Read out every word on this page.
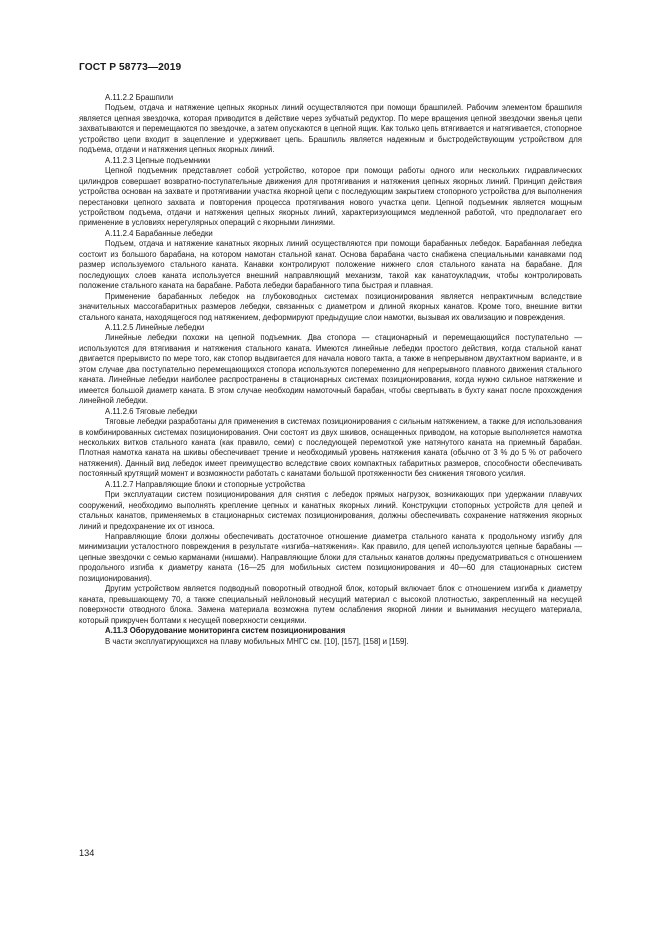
ГОСТ Р 58773—2019

А.11.2.2 Брашпили

Подъем, отдача и натяжение цепных якорных линий осуществляются при помощи брашпилей. Рабочим элементом брашпиля является цепная звездочка, которая приводится в действие через зубчатый редуктор. По мере вращения цепной звездочки звенья цепи захватываются и перемещаются по звездочке, а затем опускаются в цепной ящик. Как только цепь втягивается и натягивается, стопорное устройство цепи входит в зацепление и удерживает цепь. Брашпиль является надежным и быстродействующим устройством для подъема, отдачи и натяжения цепных якорных линий.

А.11.2.3 Цепные подъемники

Цепной подъемник представляет собой устройство, которое при помощи работы одного или нескольких гидравлических цилиндров совершает возвратно-поступательные движения для протягивания и натяжения цепных якорных линий. Принцип действия устройства основан на захвате и протягивании участка якорной цепи с последующим закрытием стопорного устройства для выполнения перестановки цепного захвата и повторения процесса протягивания нового участка цепи. Цепной подъемник является мощным устройством подъема, отдачи и натяжения цепных якорных линий, характеризующимся медленной работой, что предполагает его применение в условиях нерегулярных операций с якорными линиями.

А.11.2.4 Барабанные лебедки

Подъем, отдача и натяжение канатных якорных линий осуществляются при помощи барабанных лебедок. Барабанная лебедка состоит из большого барабана, на котором намотан стальной канат. Основа барабана часто снабжена специальными канавками под размер используемого стального каната. Канавки контролируют положение нижнего слоя стального каната на барабане. Для последующих слоев каната используется внешний направляющий механизм, такой как канатоукладчик, чтобы контролировать положение стального каната на барабане. Работа лебедки барабанного типа быстрая и плавная.

Применение барабанных лебедок на глубоководных системах позиционирования является непрактичным вследствие значительных массогабаритных размеров лебедки, связанных с диаметром и длиной якорных канатов. Кроме того, внешние витки стального каната, находящегося под натяжением, деформируют предыдущие слои намотки, вызывая их овализацию и повреждения.

А.11.2.5 Линейные лебедки

Линейные лебедки похожи на цепной подъемник. Два стопора — стационарный и перемещающийся поступательно — используются для втягивания и натяжения стального каната. Имеются линейные лебедки простого действия, когда стальной канат двигается прерывисто по мере того, как стопор выдвигается для начала нового такта, а также в непрерывном двухтактном варианте, и в этом случае два поступательно перемещающихся стопора используются попеременно для непрерывного плавного движения стального каната. Линейные лебедки наиболее распространены в стационарных системах позиционирования, когда нужно сильное натяжение и имеется большой диаметр каната. В этом случае необходим намоточный барабан, чтобы свертывать в бухту канат после прохождения линейной лебедки.

А.11.2.6 Тяговые лебедки

Тяговые лебедки разработаны для применения в системах позиционирования с сильным натяжением, а также для использования в комбинированных системах позиционирования. Они состоят из двух шкивов, оснащенных приводом, на которые выполняется намотка нескольких витков стального каната (как правило, семи) с последующей перемоткой уже натянутого каната на приемный барабан. Плотная намотка каната на шкивы обеспечивает трение и необходимый уровень натяжения каната (обычно от 3 % до 5 % от рабочего натяжения). Данный вид лебедок имеет преимущество вследствие своих компактных габаритных размеров, способности обеспечивать постоянный крутящий момент и возможности работать с канатами большой протяженности без снижения тягового усилия.

А.11.2.7 Направляющие блоки и стопорные устройства

При эксплуатации систем позиционирования для снятия с лебедок прямых нагрузок, возникающих при удержании плавучих сооружений, необходимо выполнять крепление цепных и канатных якорных линий. Конструкции стопорных устройств для цепей и стальных канатов, применяемых в стационарных системах позиционирования, должны обеспечивать сохранение натяжения якорных линий и предохранение их от износа.

Направляющие блоки должны обеспечивать достаточное отношение диаметра стального каната к продольному изгибу для минимизации усталостного повреждения в результате «изгиба–натяжения». Как правило, для цепей используются цепные барабаны — цепные звездочки с семью карманами (нишами). Направляющие блоки для стальных канатов должны предусматриваться с отношением продольного изгиба к диаметру каната (16—25 для мобильных систем позиционирования и 40—60 для стационарных систем позиционирования).

Другим устройством является подводный поворотный отводной блок, который включает блок с отношением изгиба к диаметру каната, превышающему 70, а также специальный нейлоновый несущий материал с высокой плотностью, закрепленный на несущей поверхности отводного блока. Замена материала возможна путем ослабления якорной линии и вынимания несущего материала, который прикручен болтами к несущей поверхности секциями.

А.11.3 Оборудование мониторинга систем позиционирования

В части эксплуатирующихся на плаву мобильных МНГС см. [10], [157], [158] и [159].

134
